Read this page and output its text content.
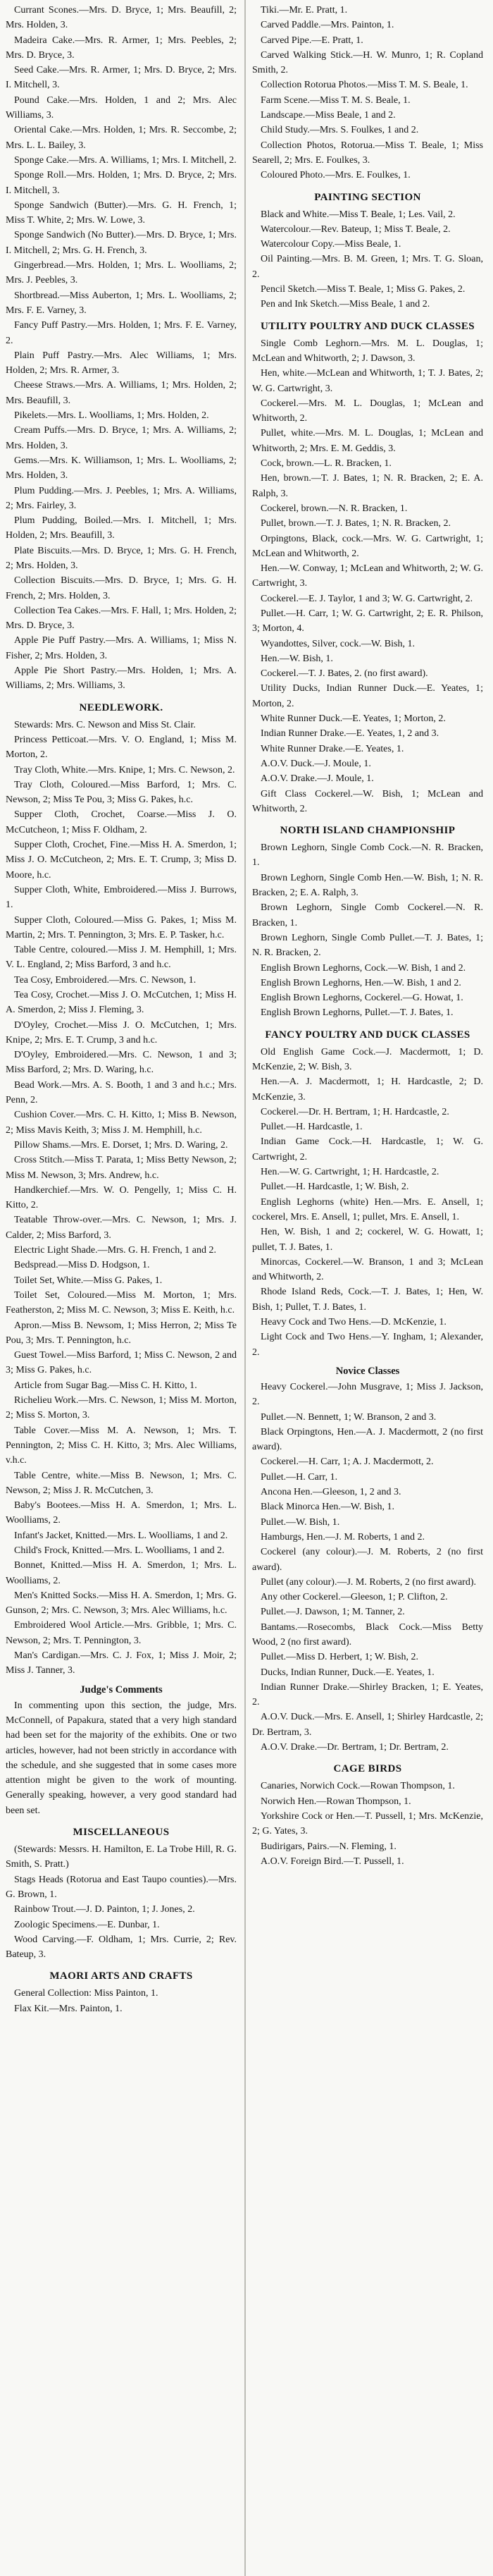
Currant Scones.—Mrs. D. Bryce, 1; Mrs. Beaufill, 2; Mrs. Holden, 3.

Madeira Cake.—Mrs. R. Armer, 1; Mrs. Peebles, 2; Mrs. D. Bryce, 3.

Seed Cake.—Mrs. R. Armer, 1; Mrs. D. Bryce, 2; Mrs. I. Mitchell, 3.

Pound Cake.—Mrs. Holden, 1 and 2; Mrs. Alec Williams, 3.

Oriental Cake.—Mrs. Holden, 1; Mrs. R. Seccombe, 2; Mrs. L. L. Bailey, 3.

Sponge Cake.—Mrs. A. Williams, 1; Mrs. I. Mitchell, 2.

Sponge Roll.—Mrs. Holden, 1; Mrs. D. Bryce, 2; Mrs. I. Mitchell, 3.

Sponge Sandwich (Butter).—Mrs. G. H. French, 1; Miss T. White, 2; Mrs. W. Lowe, 3.

Sponge Sandwich (No Butter).—Mrs. D. Bryce, 1; Mrs. I. Mitchell, 2; Mrs. G. H. French, 3.

Gingerbread.—Mrs. Holden, 1; Mrs. L. Woolliams, 2; Mrs. J. Peebles, 3.

Shortbread.—Miss Auberton, 1; Mrs. L. Woolliams, 2; Mrs. F. E. Varney, 3.

Fancy Puff Pastry.—Mrs. Holden, 1; Mrs. F. E. Varney, 2.

Plain Puff Pastry.—Mrs. Alec Williams, 1; Mrs. Holden, 2; Mrs. R. Armer, 3.

Cheese Straws.—Mrs. A. Williams, 1; Mrs. Holden, 2; Mrs. Beaufill, 3.

Pikelets.—Mrs. L. Woolliams, 1; Mrs. Holden, 2.

Cream Puffs.—Mrs. D. Bryce, 1; Mrs. A. Williams, 2; Mrs. Holden, 3.

Gems.—Mrs. K. Williamson, 1; Mrs. L. Woolliams, 2; Mrs. Holden, 3.

Plum Pudding.—Mrs. J. Peebles, 1; Mrs. A. Williams, 2; Mrs. Fairley, 3.

Plum Pudding, Boiled.—Mrs. I. Mitchell, 1; Mrs. Holden, 2; Mrs. Beaufill, 3.

Plate Biscuits.—Mrs. D. Bryce, 1; Mrs. G. H. French, 2; Mrs. Holden, 3.

Collection Biscuits.—Mrs. D. Bryce, 1; Mrs. G. H. French, 2; Mrs. Holden, 3.

Collection Tea Cakes.—Mrs. F. Hall, 1; Mrs. Holden, 2; Mrs. D. Bryce, 3.

Apple Pie Puff Pastry.—Mrs. A. Williams, 1; Miss N. Fisher, 2; Mrs. Holden, 3.

Apple Pie Short Pastry.—Mrs. Holden, 1; Mrs. A. Williams, 2; Mrs. Williams, 3.

NEEDLEWORK.

Stewards: Mrs. C. Newson and Miss St. Clair.

Princess Petticoat.—Mrs. V. O. England, 1; Miss M. Morton, 2.

Tray Cloth, White.—Mrs. Knipe, 1; Mrs. C. Newson, 2.

Tray Cloth, Coloured.—Miss Barford, 1; Mrs. C. Newson, 2; Miss Te Pou, 3; Miss G. Pakes, h.c.

Supper Cloth, Crochet, Coarse.—Miss J. O. McCutcheon, 1; Miss F. Oldham, 2.

Supper Cloth, Crochet, Fine.—Miss H. A. Smerdon, 1; Miss J. O. McCutcheon, 2; Mrs. E. T. Crump, 3; Miss D. Moore, h.c.

Supper Cloth, White, Embroidered.—Miss J. Burrows, 1.

Supper Cloth, Coloured.—Miss G. Pakes, 1; Miss M. Martin, 2; Mrs. T. Pennington, 3; Mrs. E. P. Tasker, h.c.

Table Centre, coloured.—Miss J. M. Hemphill, 1; Mrs. V. L. England, 2; Miss Barford, 3 and h.c.

Tea Cosy, Embroidered.—Mrs. C. Newson, 1.

Tea Cosy, Crochet.—Miss J. O. McCutchen, 1; Miss H. A. Smerdon, 2; Miss J. Fleming, 3.

D'Oyley, Crochet.—Miss J. O. McCutchen, 1; Mrs. Knipe, 2; Mrs. E. T. Crump, 3 and h.c.

D'Oyley, Embroidered.—Mrs. C. Newson, 1 and 3; Miss Barford, 2; Mrs. D. Waring, h.c.

Bead Work.—Mrs. A. S. Booth, 1 and 3 and h.c.; Mrs. Penn, 2.

Cushion Cover.—Mrs. C. H. Kitto, 1; Miss B. Newson, 2; Miss Mavis Keith, 3; Miss J. M. Hemphill, h.c.

Pillow Shams.—Mrs. E. Dorset, 1; Mrs. D. Waring, 2.

Cross Stitch.—Miss T. Parata, 1; Miss Betty Newson, 2; Miss M. Newson, 3; Mrs. Andrew, h.c.

Handkerchief.—Mrs. W. O. Pengelly, 1; Miss C. H. Kitto, 2.

Teatable Throw-over.—Mrs. C. Newson, 1; Mrs. J. Calder, 2; Miss Barford, 3.

Electric Light Shade.—Mrs. G. H. French, 1 and 2.

Bedspread.—Miss D. Hodgson, 1.

Toilet Set, White.—Miss G. Pakes, 1.

Toilet Set, Coloured.—Miss M. Morton, 1; Mrs. Featherston, 2; Miss M. C. Newson, 3; Miss E. Keith, h.c.

Apron.—Miss B. Newsom, 1; Miss Herron, 2; Miss Te Pou, 3; Mrs. T. Pennington, h.c.

Guest Towel.—Miss Barford, 1; Miss C. Newson, 2 and 3; Miss G. Pakes, h.c.

Article from Sugar Bag.—Miss C. H. Kitto, 1.

Richelieu Work.—Mrs. C. Newson, 1; Miss M. Morton, 2; Miss S. Morton, 3.

Table Cover.—Miss M. A. Newson, 1; Mrs. T. Pennington, 2; Miss C. H. Kitto, 3; Mrs. Alec Williams, v.h.c.

Table Centre, white.—Miss B. Newson, 1; Mrs. C. Newson, 2; Miss J. R. McCutchen, 3.

Baby's Bootees.—Miss H. A. Smerdon, 1; Mrs. L. Woolliams, 2.

Infant's Jacket, Knitted.—Mrs. L. Woolliams, 1 and 2.

Child's Frock, Knitted.—Mrs. L. Woolliams, 1 and 2.

Bonnet, Knitted.—Miss H. A. Smerdon, 1; Mrs. L. Woolliams, 2.

Men's Knitted Socks.—Miss H. A. Smerdon, 1; Mrs. G. Gunson, 2; Mrs. C. Newson, 3; Mrs. Alec Williams, h.c.

Embroidered Wool Article.—Mrs. Gribble, 1; Mrs. C. Newson, 2; Mrs. T. Pennington, 3.

Man's Cardigan.—Mrs. C. J. Fox, 1; Miss J. Moir, 2; Miss J. Tanner, 3.

Judge's Comments

In commenting upon this section, the judge, Mrs. McConnell, of Papakura, stated that a very high standard had been set for the majority of the exhibits. One or two articles, however, had not been strictly in accordance with the schedule, and she suggested that in some cases more attention might be given to the work of mounting. Generally speaking, however, a very good standard had been set.

MISCELLANEOUS

(Stewards: Messrs. H. Hamilton, E. La Trobe Hill, R. G. Smith, S. Pratt.)

Stags Heads (Rotorua and East Taupo counties).—Mrs. G. Brown, 1.

Rainbow Trout.—J. D. Painton, 1; J. Jones, 2.

Zoologic Specimens.—E. Dunbar, 1.

Wood Carving.—F. Oldham, 1; Mrs. Currie, 2; Rev. Bateup, 3.

MAORI ARTS AND CRAFTS

General Collection: Miss Painton, 1.

Flax Kit.—Mrs. Painton, 1.

Tiki.—Mr. E. Pratt, 1.

Carved Paddle.—Mrs. Painton, 1.

Carved Pipe.—E. Pratt, 1.

Carved Walking Stick.—H. W. Munro, 1; R. Copland Smith, 2.

Collection Rotorua Photos.—Miss T. M. S. Beale, 1.

Farm Scene.—Miss T. M. S. Beale, 1.

Landscape.—Miss Beale, 1 and 2.

Child Study.—Mrs. S. Foulkes, 1 and 2.

Collection Photos, Rotorua.—Miss T. Beale, 1; Miss Searell, 2; Mrs. E. Foulkes, 3.

Coloured Photo.—Mrs. E. Foulkes, 1.

PAINTING SECTION

Black and White.—Miss T. Beale, 1; Les. Vail, 2.

Watercolour.—Rev. Bateup, 1; Miss T. Beale, 2.

Watercolour Copy.—Miss Beale, 1.

Oil Painting.—Mrs. B. M. Green, 1; Mrs. T. G. Sloan, 2.

Pencil Sketch.—Miss T. Beale, 1; Miss G. Pakes, 2.

Pen and Ink Sketch.—Miss Beale, 1 and 2.

UTILITY POULTRY AND DUCK CLASSES

Single Comb Leghorn.—Mrs. M. L. Douglas, 1; McLean and Whitworth, 2; J. Dawson, 3.

Hen, white.—McLean and Whitworth, 1; T. J. Bates, 2; W. G. Cartwright, 3.

Cockerel.—Mrs. M. L. Douglas, 1; McLean and Whitworth, 2.

Pullet, white.—Mrs. M. L. Douglas, 1; McLean and Whitworth, 2; Mrs. E. M. Geddis, 3.

Cock, brown.—L. R. Bracken, 1.

Hen, brown.—T. J. Bates, 1; N. R. Bracken, 2; E. A. Ralph, 3.

Cockerel, brown.—N. R. Bracken, 1.

Pullet, brown.—T. J. Bates, 1; N. R. Bracken, 2.

Orpingtons, Black, cock.—Mrs. W. G. Cartwright, 1; McLean and Whitworth, 2.

Hen.—W. Conway, 1; McLean and Whitworth, 2; W. G. Cartwright, 3.

Cockerel.—E. J. Taylor, 1 and 3; W. G. Cartwright, 2.

Pullet.—H. Carr, 1; W. G. Cartwright, 2; E. R. Philson, 3; Morton, 4.

Wyandottes, Silver, cock.—W. Bish, 1.

Hen.—W. Bish, 1.

Cockerel.—T. J. Bates, 2. (no first award).

Utility Ducks, Indian Runner Duck.—E. Yeates, 1; Morton, 2.

White Runner Duck.—E. Yeates, 1; Morton, 2.

Indian Runner Drake.—E. Yeates, 1, 2 and 3.

White Runner Drake.—E. Yeates, 1.

A.O.V. Duck.—J. Moule, 1.

A.O.V. Drake.—J. Moule, 1.

Gift Class Cockerel.—W. Bish, 1; McLean and Whitworth, 2.

NORTH ISLAND CHAMPIONSHIP

Brown Leghorn, Single Comb Cock.—N. R. Bracken, 1.

Brown Leghorn, Single Comb Hen.—W. Bish, 1; N. R. Bracken, 2; E. A. Ralph, 3.

Brown Leghorn, Single Comb Cockerel.—N. R. Bracken, 1.

Brown Leghorn, Single Comb Pullet.—T. J. Bates, 1; N. R. Bracken, 2.

English Brown Leghorns, Cock.—W. Bish, 1 and 2.

English Brown Leghorns, Hen.—W. Bish, 1 and 2.

English Brown Leghorns, Cockerel.—G. Howat, 1.

English Brown Leghorns, Pullet.—T. J. Bates, 1.

FANCY POULTRY AND DUCK CLASSES

Old English Game Cock.—J. Macdermott, 1; D. McKenzie, 2; W. Bish, 3.

Hen.—A. J. Macdermott, 1; H. Hardcastle, 2; D. McKenzie, 3.

Cockerel.—Dr. H. Bertram, 1; H. Hardcastle, 2.

Pullet.—H. Hardcastle, 1.

Indian Game Cock.—H. Hardcastle, 1; W. G. Cartwright, 2.

Hen.—W. G. Cartwright, 1; H. Hardcastle, 2.

Pullet.—H. Hardcastle, 1; W. Bish, 2.

English Leghorns (white) Hen.—Mrs. E. Ansell, 1; cockerel, Mrs. E. Ansell, 1; pullet, Mrs. E. Ansell, 1.

Hen, W. Bish, 1 and 2; cockerel, W. G. Howatt, 1; pullet, T. J. Bates, 1.

Minorcas, Cockerel.—W. Branson, 1 and 3; McLean and Whitworth, 2.

Rhode Island Reds, Cock.—T. J. Bates, 1; Hen, W. Bish, 1; Pullet, T. J. Bates, 1.

Heavy Cock and Two Hens.—D. McKenzie, 1.

Light Cock and Two Hens.—Y. Ingham, 1; Alexander, 2.

Novice Classes

Heavy Cockerel.—John Musgrave, 1; Miss J. Jackson, 2.

Pullet.—N. Bennett, 1; W. Branson, 2 and 3.

Black Orpingtons, Hen.—A. J. Macdermott, 2 (no first award).

Cockerel.—H. Carr, 1; A. J. Macdermott, 2.

Pullet.—H. Carr, 1.

Ancona Hen.—Gleeson, 1, 2 and 3.

Black Minorca Hen.—W. Bish, 1.

Pullet.—W. Bish, 1.

Hamburgs, Hen.—J. M. Roberts, 1 and 2.

Cockerel (any colour).—J. M. Roberts, 2 (no first award).

Pullet (any colour).—J. M. Roberts, 2 (no first award).

Any other Cockerel.—Gleeson, 1; P. Clifton, 2.

Pullet.—J. Dawson, 1; M. Tanner, 2.

Bantams.—Rosecombs, Black Cock.—Miss Betty Wood, 2 (no first award).

Pullet.—Miss D. Herbert, 1; W. Bish, 2.

Ducks, Indian Runner, Duck.—E. Yeates, 1.

Indian Runner Drake.—Shirley Bracken, 1; E. Yeates, 2.

A.O.V. Duck.—Mrs. E. Ansell, 1; Shirley Hardcastle, 2; Dr. Bertram, 3.

A.O.V. Drake.—Dr. Bertram, 1; Dr. Bertram, 2.

CAGE BIRDS

Canaries, Norwich Cock.—Rowan Thompson, 1.

Norwich Hen.—Rowan Thompson, 1.

Yorkshire Cock or Hen.—T. Pussell, 1; Mrs. McKenzie, 2; G. Yates, 3.

Budirigars, Pairs.—N. Fleming, 1.

A.O.V. Foreign Bird.—T. Pussell, 1.
